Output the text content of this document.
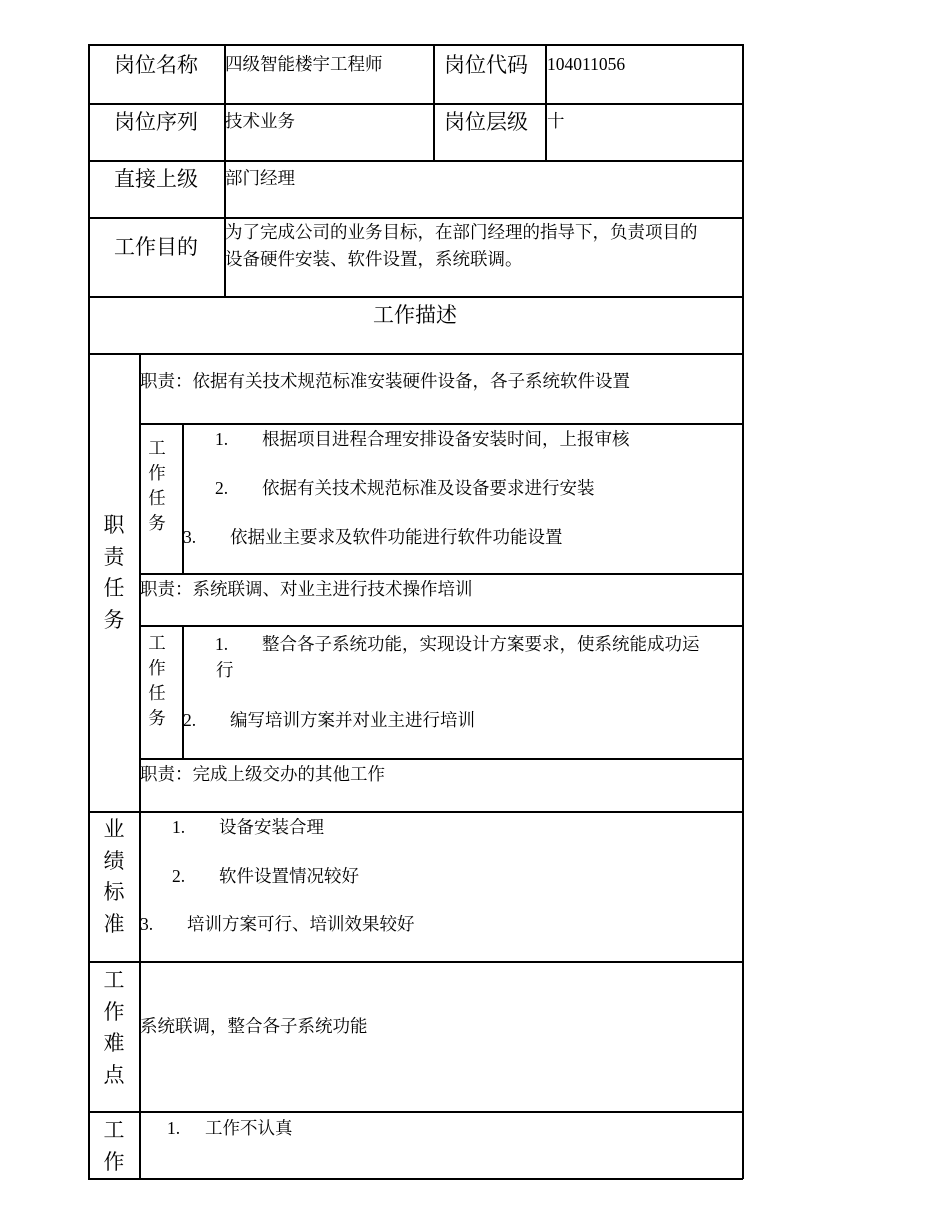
岗位名称 四级智能楼宇工程师	岗位代码 104011056
岗位序列 技术业务	岗位层级 十
直接上级 部门经理
工作目的
为了完成公司的业务目标，在部门经理的指导下，负责项目的
设备硬件安装、软件设置，系统联调。
工作描述
职
责
任
务
职责：依据有关技术规范标准安装硬件设备，各子系统软件设置
工
作
任
务
1. 根据项目进程合理安排设备安装时间，上报审核
2. 依据有关技术规范标准及设备要求进行安装
3. 依据业主要求及软件功能进行软件功能设置
职责：系统联调、对业主进行技术操作培训
工
作
任
务
1. 整合各子系统功能，实现设计方案要求，使系统能成功运
行
2. 编写培训方案并对业主进行培训
职责：完成上级交办的其他工作
业
绩
标
准
1. 设备安装合理
2. 软件设置情况较好
3. 培训方案可行、培训效果较好
工
作
难
点
系统联调，整合各子系统功能
工
作
1. 工作不认真
